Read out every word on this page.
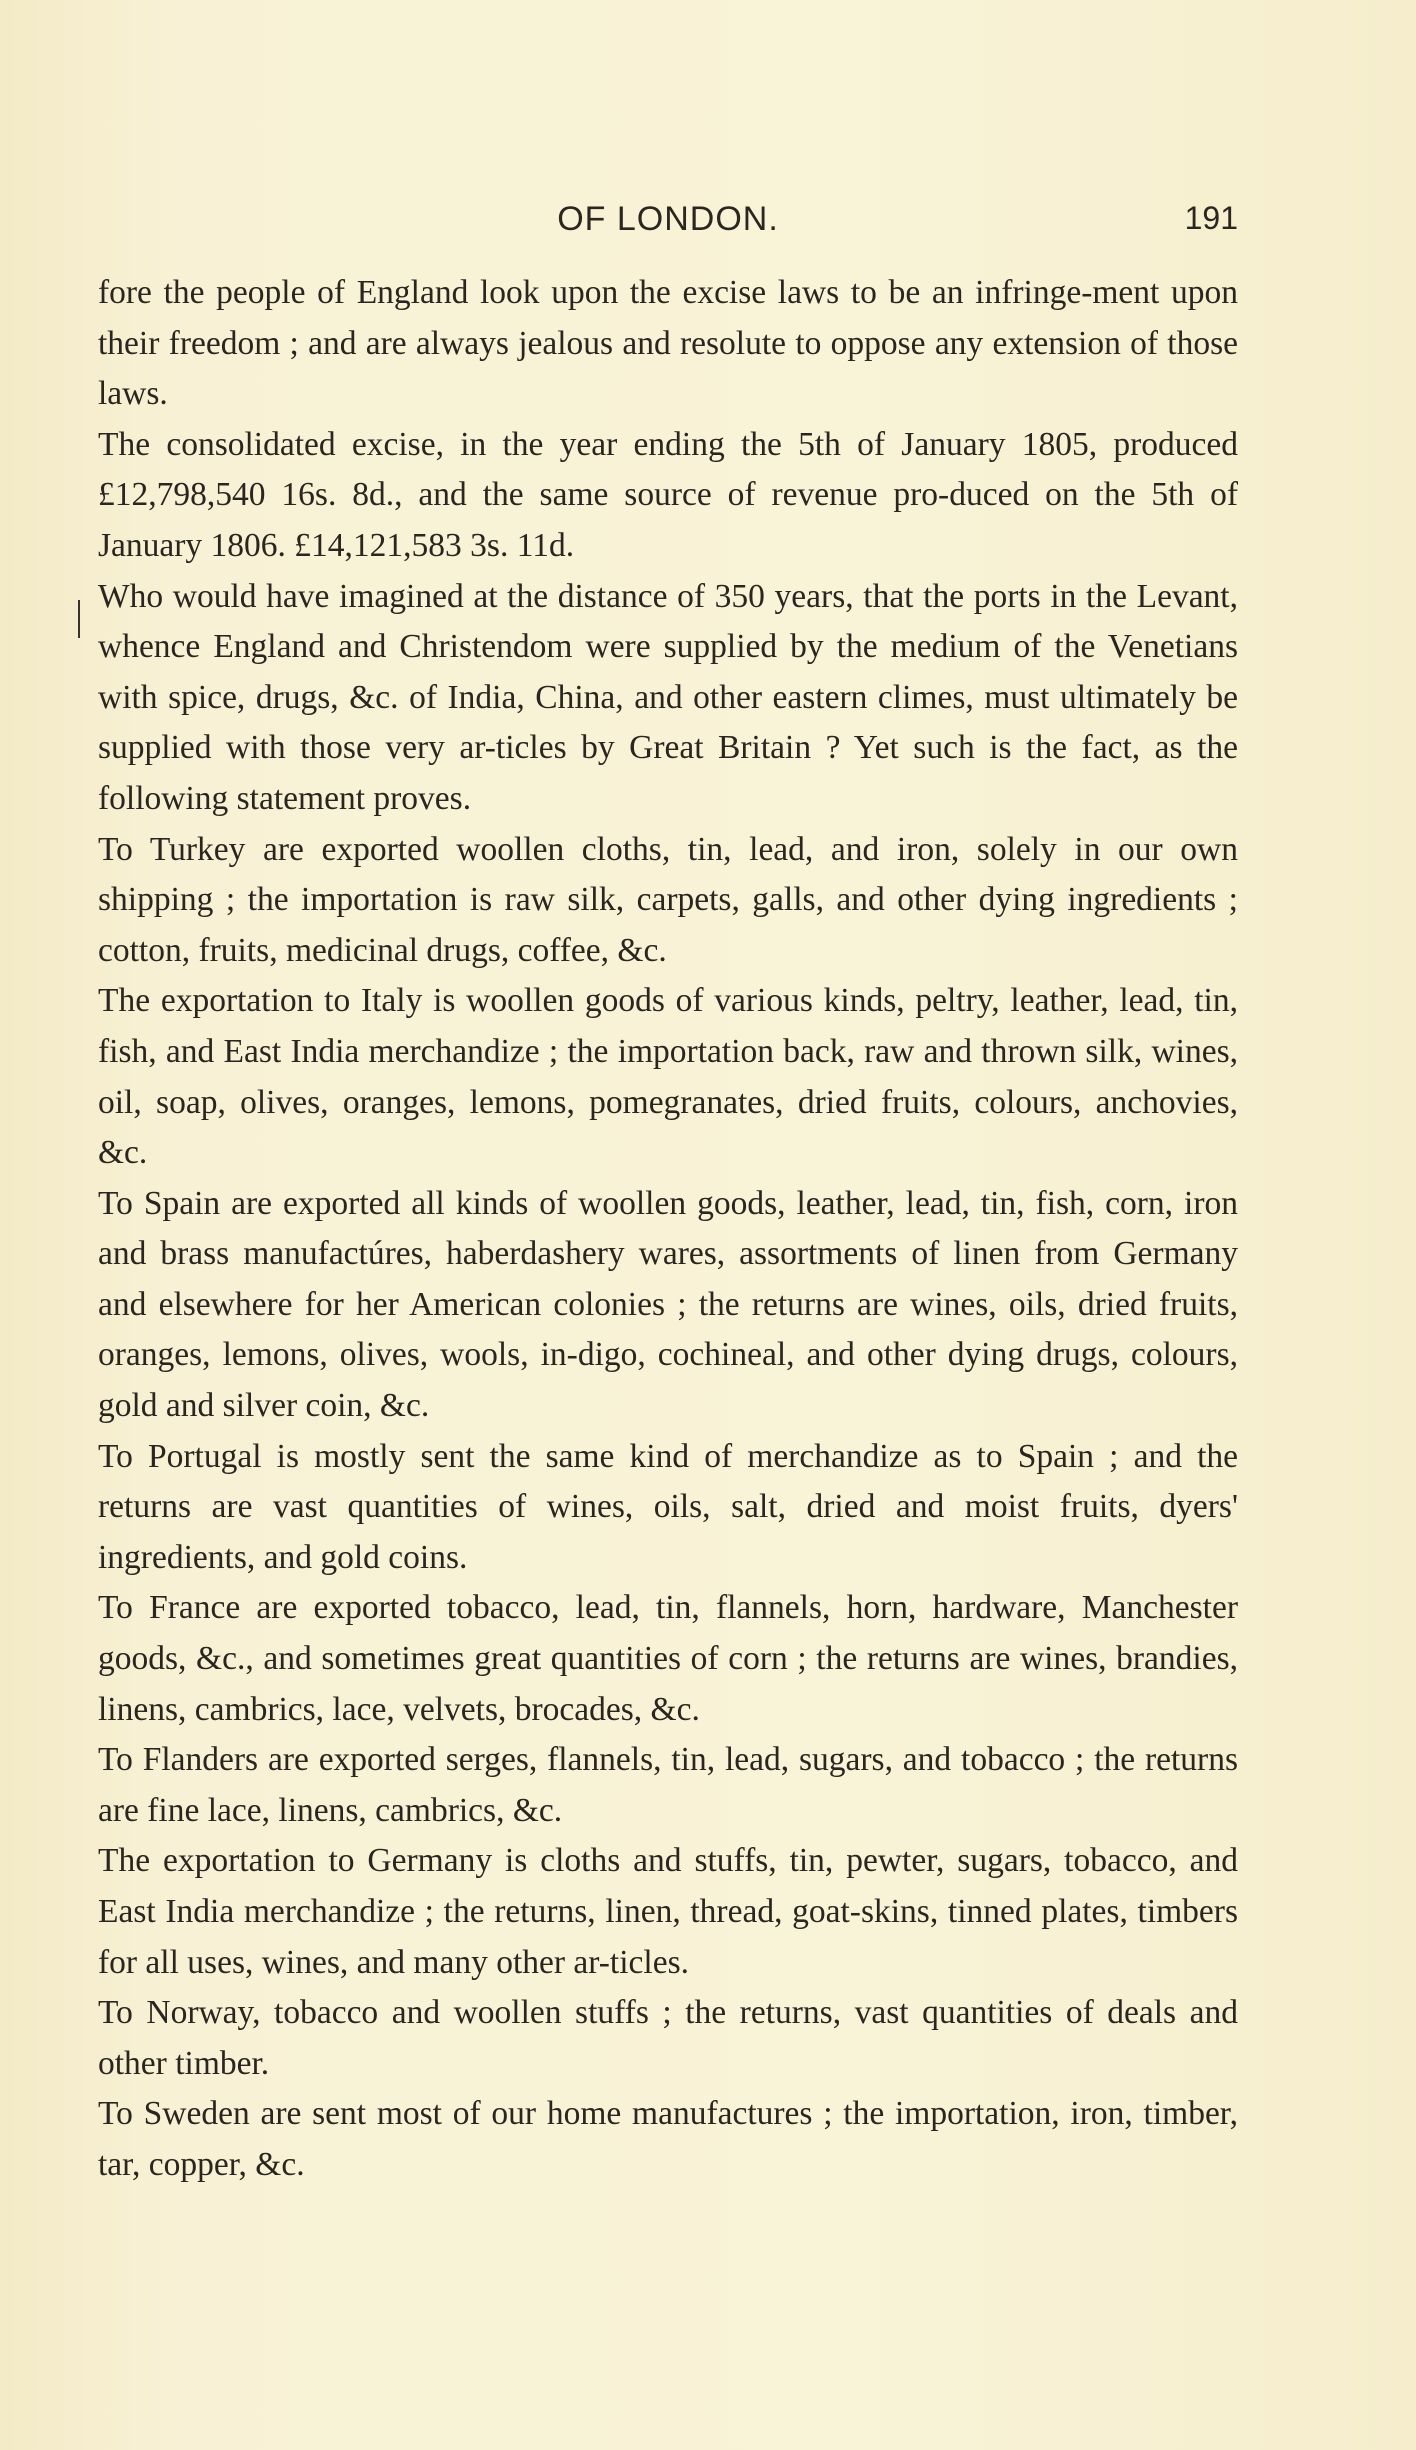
OF LONDON.	191

fore the people of England look upon the excise laws to be an infringe-ment upon their freedom ; and are always jealous and resolute to oppose any extension of those laws.

The consolidated excise, in the year ending the 5th of January 1805, produced £12,798,540 16s. 8d., and the same source of revenue pro-duced on the 5th of January 1806. £14,121,583 3s. 11d.

Who would have imagined at the distance of 350 years, that the ports in the Levant, whence England and Christendom were supplied by the medium of the Venetians with spice, drugs, &c. of India, China, and other eastern climes, must ultimately be supplied with those very ar-ticles by Great Britain ? Yet such is the fact, as the following statement proves.

To Turkey are exported woollen cloths, tin, lead, and iron, solely in our own shipping ; the importation is raw silk, carpets, galls, and other dying ingredients ; cotton, fruits, medicinal drugs, coffee, &c.

The exportation to Italy is woollen goods of various kinds, peltry, leather, lead, tin, fish, and East India merchandize ; the importation back, raw and thrown silk, wines, oil, soap, olives, oranges, lemons, pomegranates, dried fruits, colours, anchovies, &c.

To Spain are exported all kinds of woollen goods, leather, lead, tin, fish, corn, iron and brass manufactúres, haberdashery wares, assortments of linen from Germany and elsewhere for her American colonies ; the returns are wines, oils, dried fruits, oranges, lemons, olives, wools, in-digo, cochineal, and other dying drugs, colours, gold and silver coin, &c.

To Portugal is mostly sent the same kind of merchandize as to Spain ; and the returns are vast quantities of wines, oils, salt, dried and moist fruits, dyers' ingredients, and gold coins.

To France are exported tobacco, lead, tin, flannels, horn, hardware, Manchester goods, &c., and sometimes great quantities of corn ; the returns are wines, brandies, linens, cambrics, lace, velvets, brocades, &c.

To Flanders are exported serges, flannels, tin, lead, sugars, and tobacco ; the returns are fine lace, linens, cambrics, &c.

The exportation to Germany is cloths and stuffs, tin, pewter, sugars, tobacco, and East India merchandize ; the returns, linen, thread, goat-skins, tinned plates, timbers for all uses, wines, and many other ar-ticles.

To Norway, tobacco and woollen stuffs ; the returns, vast quantities of deals and other timber.

To Sweden are sent most of our home manufactures ; the importation, iron, timber, tar, copper, &c.
